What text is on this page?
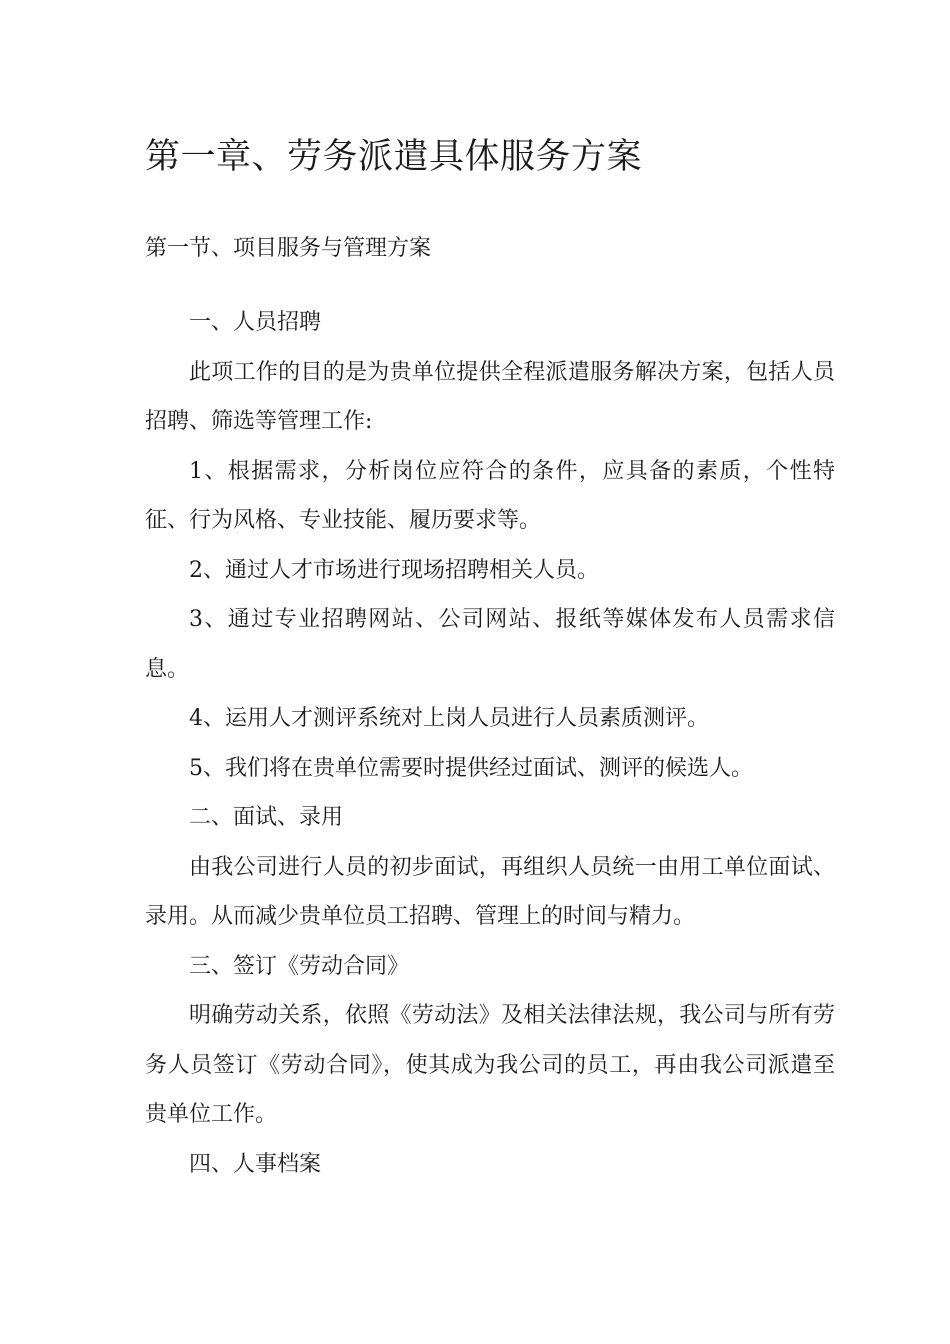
第一章、劳务派遣具体服务方案
第一节、项目服务与管理方案

一、人员招聘

此项工作的目的是为贵单位提供全程派遣服务解决方案，包括人员招聘、筛选等管理工作:

1、根据需求，分析岗位应符合的条件，应具备的素质，个性特征、行为风格、专业技能、履历要求等。

2、通过人才市场进行现场招聘相关人员。

3、通过专业招聘网站、公司网站、报纸等媒体发布人员需求信息。

4、运用人才测评系统对上岗人员进行人员素质测评。

5、我们将在贵单位需要时提供经过面试、测评的候选人。

二、面试、录用

由我公司进行人员的初步面试，再组织人员统一由用工单位面试、录用。从而减少贵单位员工招聘、管理上的时间与精力。

三、签订《劳动合同》

明确劳动关系，依照《劳动法》及相关法律法规，我公司与所有劳务人员签订《劳动合同》，使其成为我公司的员工，再由我公司派遣至贵单位工作。

四、人事档案
